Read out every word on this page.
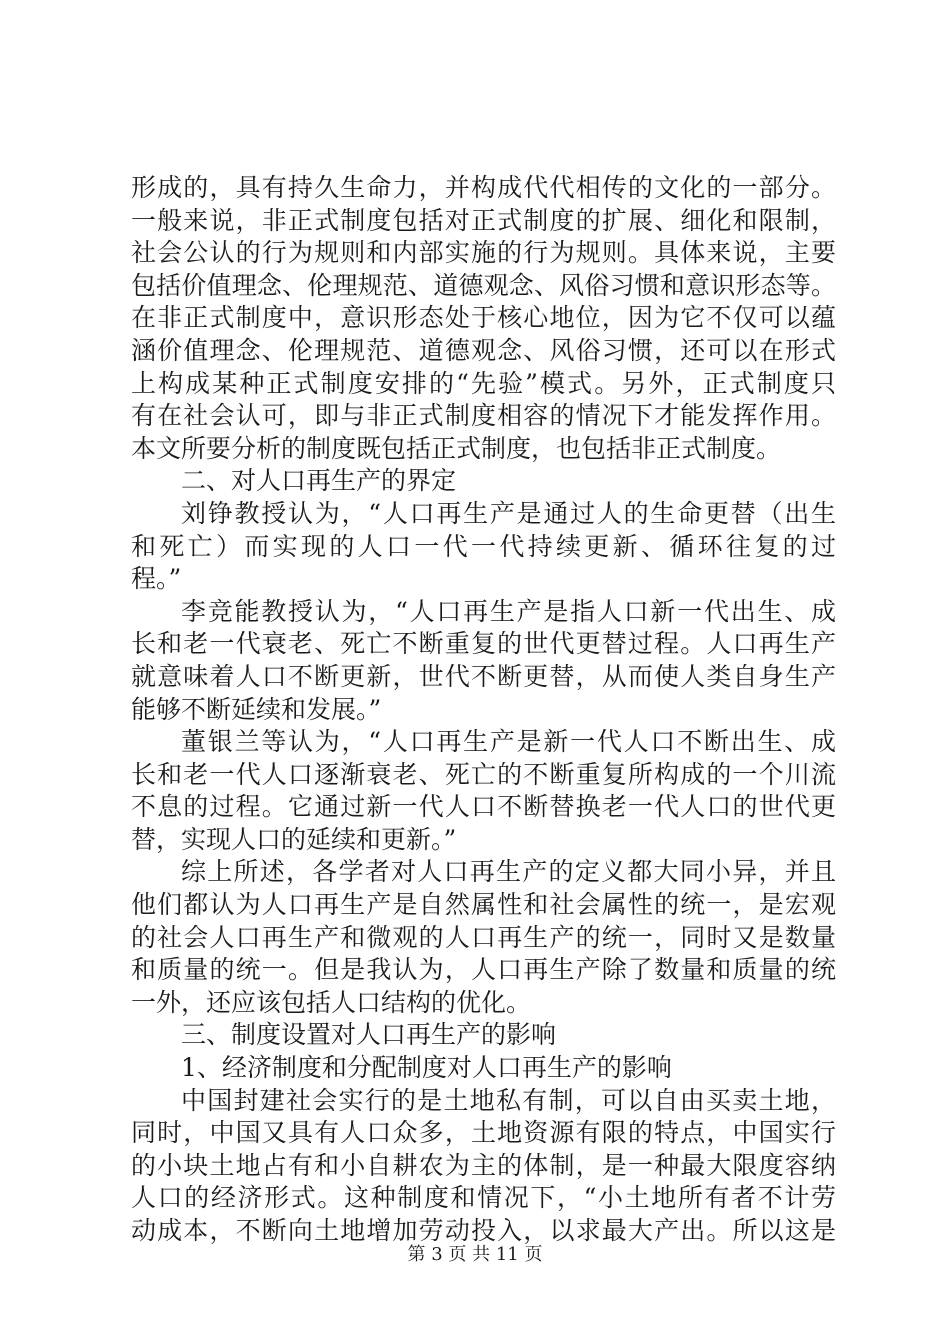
形成的，具有持久生命力，并构成代代相传的文化的一部分。
一般来说，非正式制度包括对正式制度的扩展、细化和限制，
社会公认的行为规则和内部实施的行为规则。具体来说，主要
包括价值理念、伦理规范、道德观念、风俗习惯和意识形态等。
在非正式制度中，意识形态处于核心地位，因为它不仅可以蕴
涵价值理念、伦理规范、道德观念、风俗习惯，还可以在形式
上构成某种正式制度安排的“先验”模式。另外，正式制度只
有在社会认可，即与非正式制度相容的情况下才能发挥作用。
本文所要分析的制度既包括正式制度，也包括非正式制度。
二、对人口再生产的界定
刘铮教授认为，“人口再生产是通过人的生命更替（出生
和死亡）而实现的人口一代一代持续更新、循环往复的过
程。”
李竞能教授认为，“人口再生产是指人口新一代出生、成
长和老一代衰老、死亡不断重复的世代更替过程。人口再生产
就意味着人口不断更新，世代不断更替，从而使人类自身生产
能够不断延续和发展。”
董银兰等认为，“人口再生产是新一代人口不断出生、成
长和老一代人口逐渐衰老、死亡的不断重复所构成的一个川流
不息的过程。它通过新一代人口不断替换老一代人口的世代更
替，实现人口的延续和更新。”
综上所述，各学者对人口再生产的定义都大同小异，并且
他们都认为人口再生产是自然属性和社会属性的统一，是宏观
的社会人口再生产和微观的人口再生产的统一，同时又是数量
和质量的统一。但是我认为，人口再生产除了数量和质量的统
一外，还应该包括人口结构的优化。
三、制度设置对人口再生产的影响
1、经济制度和分配制度对人口再生产的影响
中国封建社会实行的是土地私有制，可以自由买卖土地，
同时，中国又具有人口众多，土地资源有限的特点，中国实行
的小块土地占有和小自耕农为主的体制，是一种最大限度容纳
人口的经济形式。这种制度和情况下，“小土地所有者不计劳
动成本，不断向土地增加劳动投入，以求最大产出。所以这是
第 3 页 共 11 页
